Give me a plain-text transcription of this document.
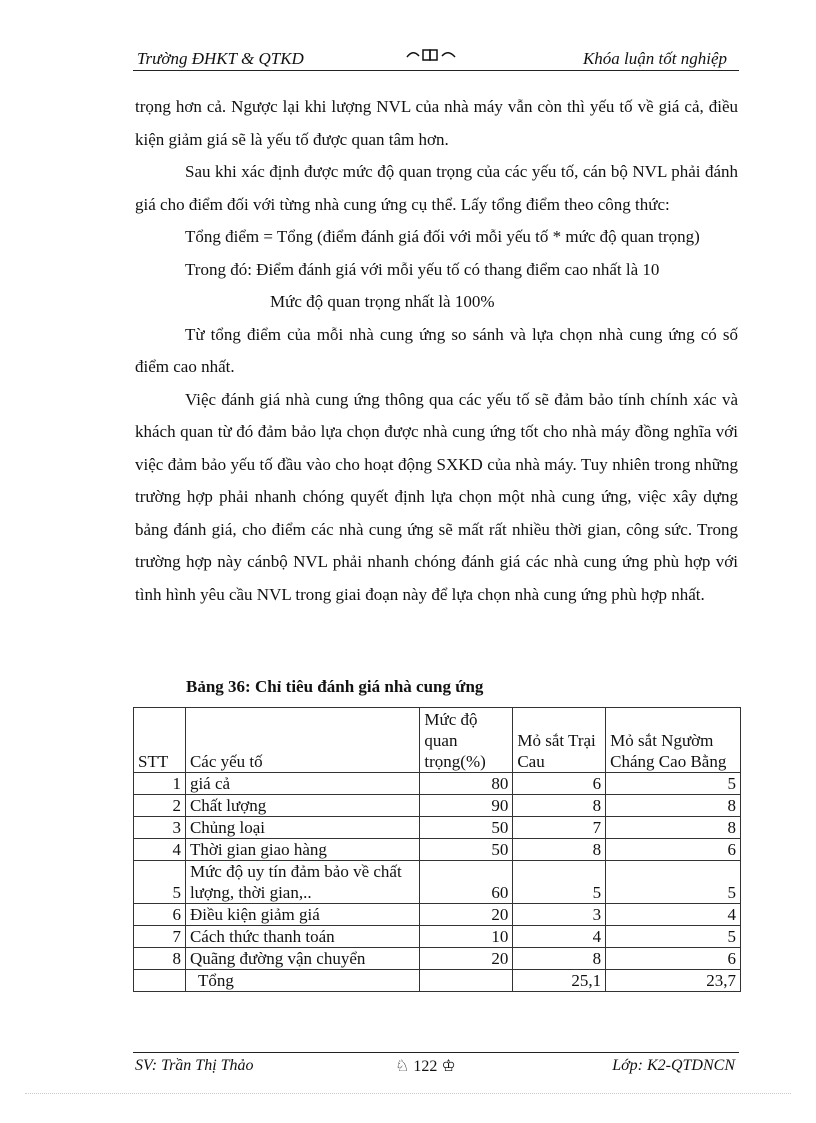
Trường ĐHKT & QTKD	Khóa luận tốt nghiệp

trọng hơn cả. Ngược lại khi lượng NVL của nhà máy vẫn còn thì yếu tố về giá cả, điều kiện giảm giá sẽ là yếu tố được quan tâm hơn.

Sau khi xác định được mức độ quan trọng của các yếu tố, cán bộ NVL phải đánh giá cho điểm đối với từng nhà cung ứng cụ thể. Lấy tổng điểm theo công thức:

Tổng điểm = Tổng (điểm đánh giá đối với mỗi yếu tố * mức độ quan trọng)

Trong đó: Điểm đánh giá với mỗi yếu tố có thang điểm cao nhất là 10

Mức độ quan trọng nhất là 100%

Từ tổng điểm của mỗi nhà cung ứng so sánh và lựa chọn nhà cung ứng có số điểm cao nhất.

Việc đánh giá nhà cung ứng thông qua các yếu tố sẽ đảm bảo tính chính xác và khách quan từ đó đảm bảo lựa chọn được nhà cung ứng tốt cho nhà máy đồng nghĩa với việc đảm bảo yếu tố đầu vào cho hoạt động SXKD của nhà máy. Tuy nhiên trong những trường hợp phải nhanh chóng quyết định lựa chọn một nhà cung ứng, việc xây dựng bảng đánh giá, cho điểm các nhà cung ứng sẽ mất rất nhiều thời gian, công sức. Trong trường hợp này cánbộ NVL phải nhanh chóng đánh giá các nhà cung ứng phù hợp với tình hình yêu cầu NVL trong giai đoạn này để lựa chọn nhà cung ứng phù hợp nhất.

Bảng 36: Chỉ tiêu đánh giá nhà cung ứng
STT	Các yếu tố	Mức độ quan trọng(%)	Mỏ sắt Trại Cau	Mỏ sắt Ngườm Cháng Cao Bằng
1	giá cả	80	6	5
2	Chất lượng	90	8	8
3	Chủng loại	50	7	8
4	Thời gian giao hàng	50	8	6
5	Mức độ uy tín đảm bảo về chất lượng, thời gian,..	60	5	5
6	Điều kiện giảm giá	20	3	4
7	Cách thức thanh toán	10	4	5
8	Quãng đường vận chuyển	20	8	6
	Tổng		25,1	23,7
SV: Trần Thị Thảo	♘ 122 ♔	Lớp: K2-QTDNCN
